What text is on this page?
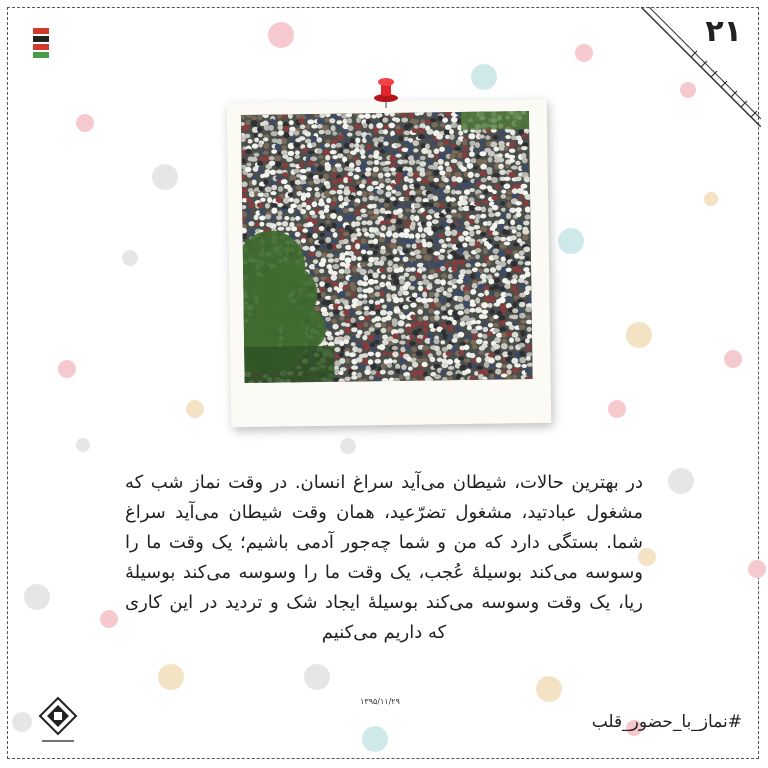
۲۱
در بهترین حالات، شیطان می‌آید سراغ انسان. در وقت نماز شب که مشغول عبادتید، مشغول تضرّعید، همان وقت شیطان می‌آید سراغ شما. بستگی دارد که من و شما چه‌جور آدمی باشیم؛ یک وقت ما را وسوسه می‌کند بوسیلهٔ عُجب، یک وقت ما را وسوسه می‌کند بوسیلهٔ ریا، یک وقت وسوسه می‌کند بوسیلهٔ ایجاد شک و تردید در این کاری که داریم می‌کنیم
۱۳۹۵/۱۱/۲۹
#نماز_با_حضور_قلب
